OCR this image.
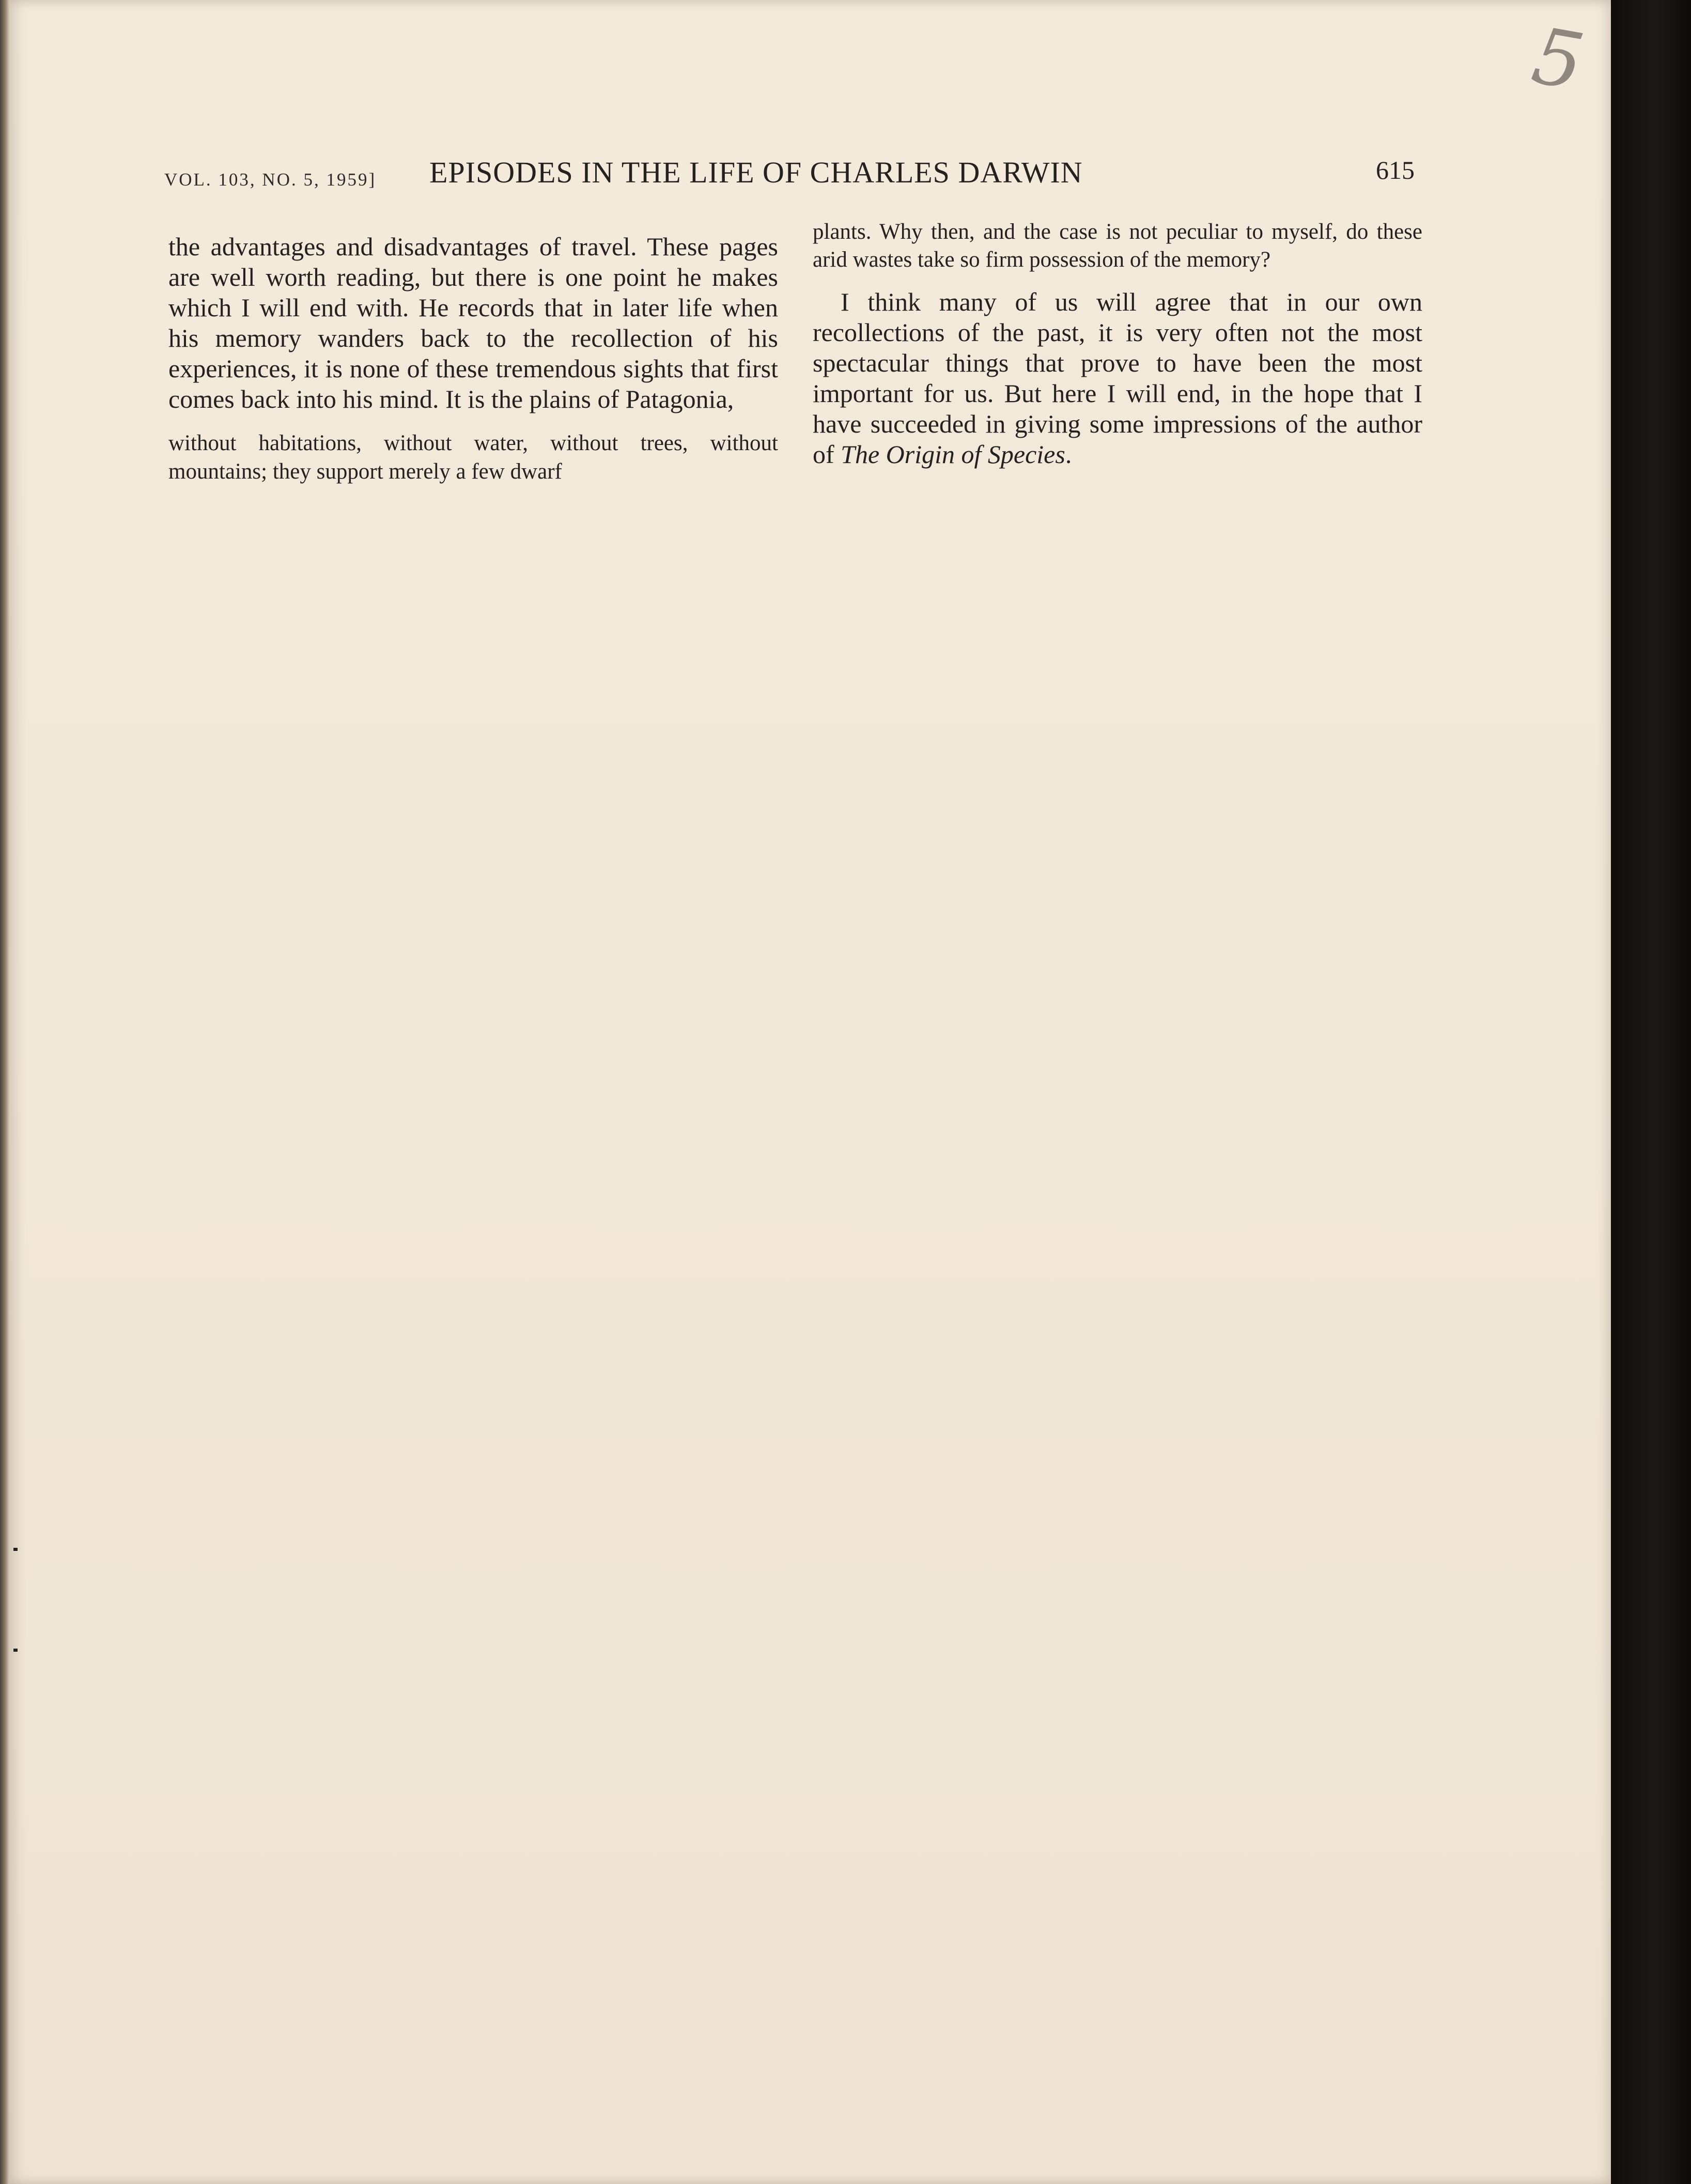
5
VOL. 103, NO. 5, 1959] EPISODES IN THE LIFE OF CHARLES DARWIN	615

the advantages and disadvantages of travel. These pages are well worth reading, but there is one point he makes which I will end with. He records that in later life when his memory wanders back to the recollection of his experiences, it is none of these tremendous sights that first comes back into his mind. It is the plains of Patagonia,

without habitations, without water, without trees, without mountains; they support merely a few dwarf

plants. Why then, and the case is not peculiar to myself, do these arid wastes take so firm possession of the memory?

I think many of us will agree that in our own recollections of the past, it is very often not the most spectacular things that prove to have been the most important for us. But here I will end, in the hope that I have succeeded in giving some impressions of the author of The Origin of Species.
